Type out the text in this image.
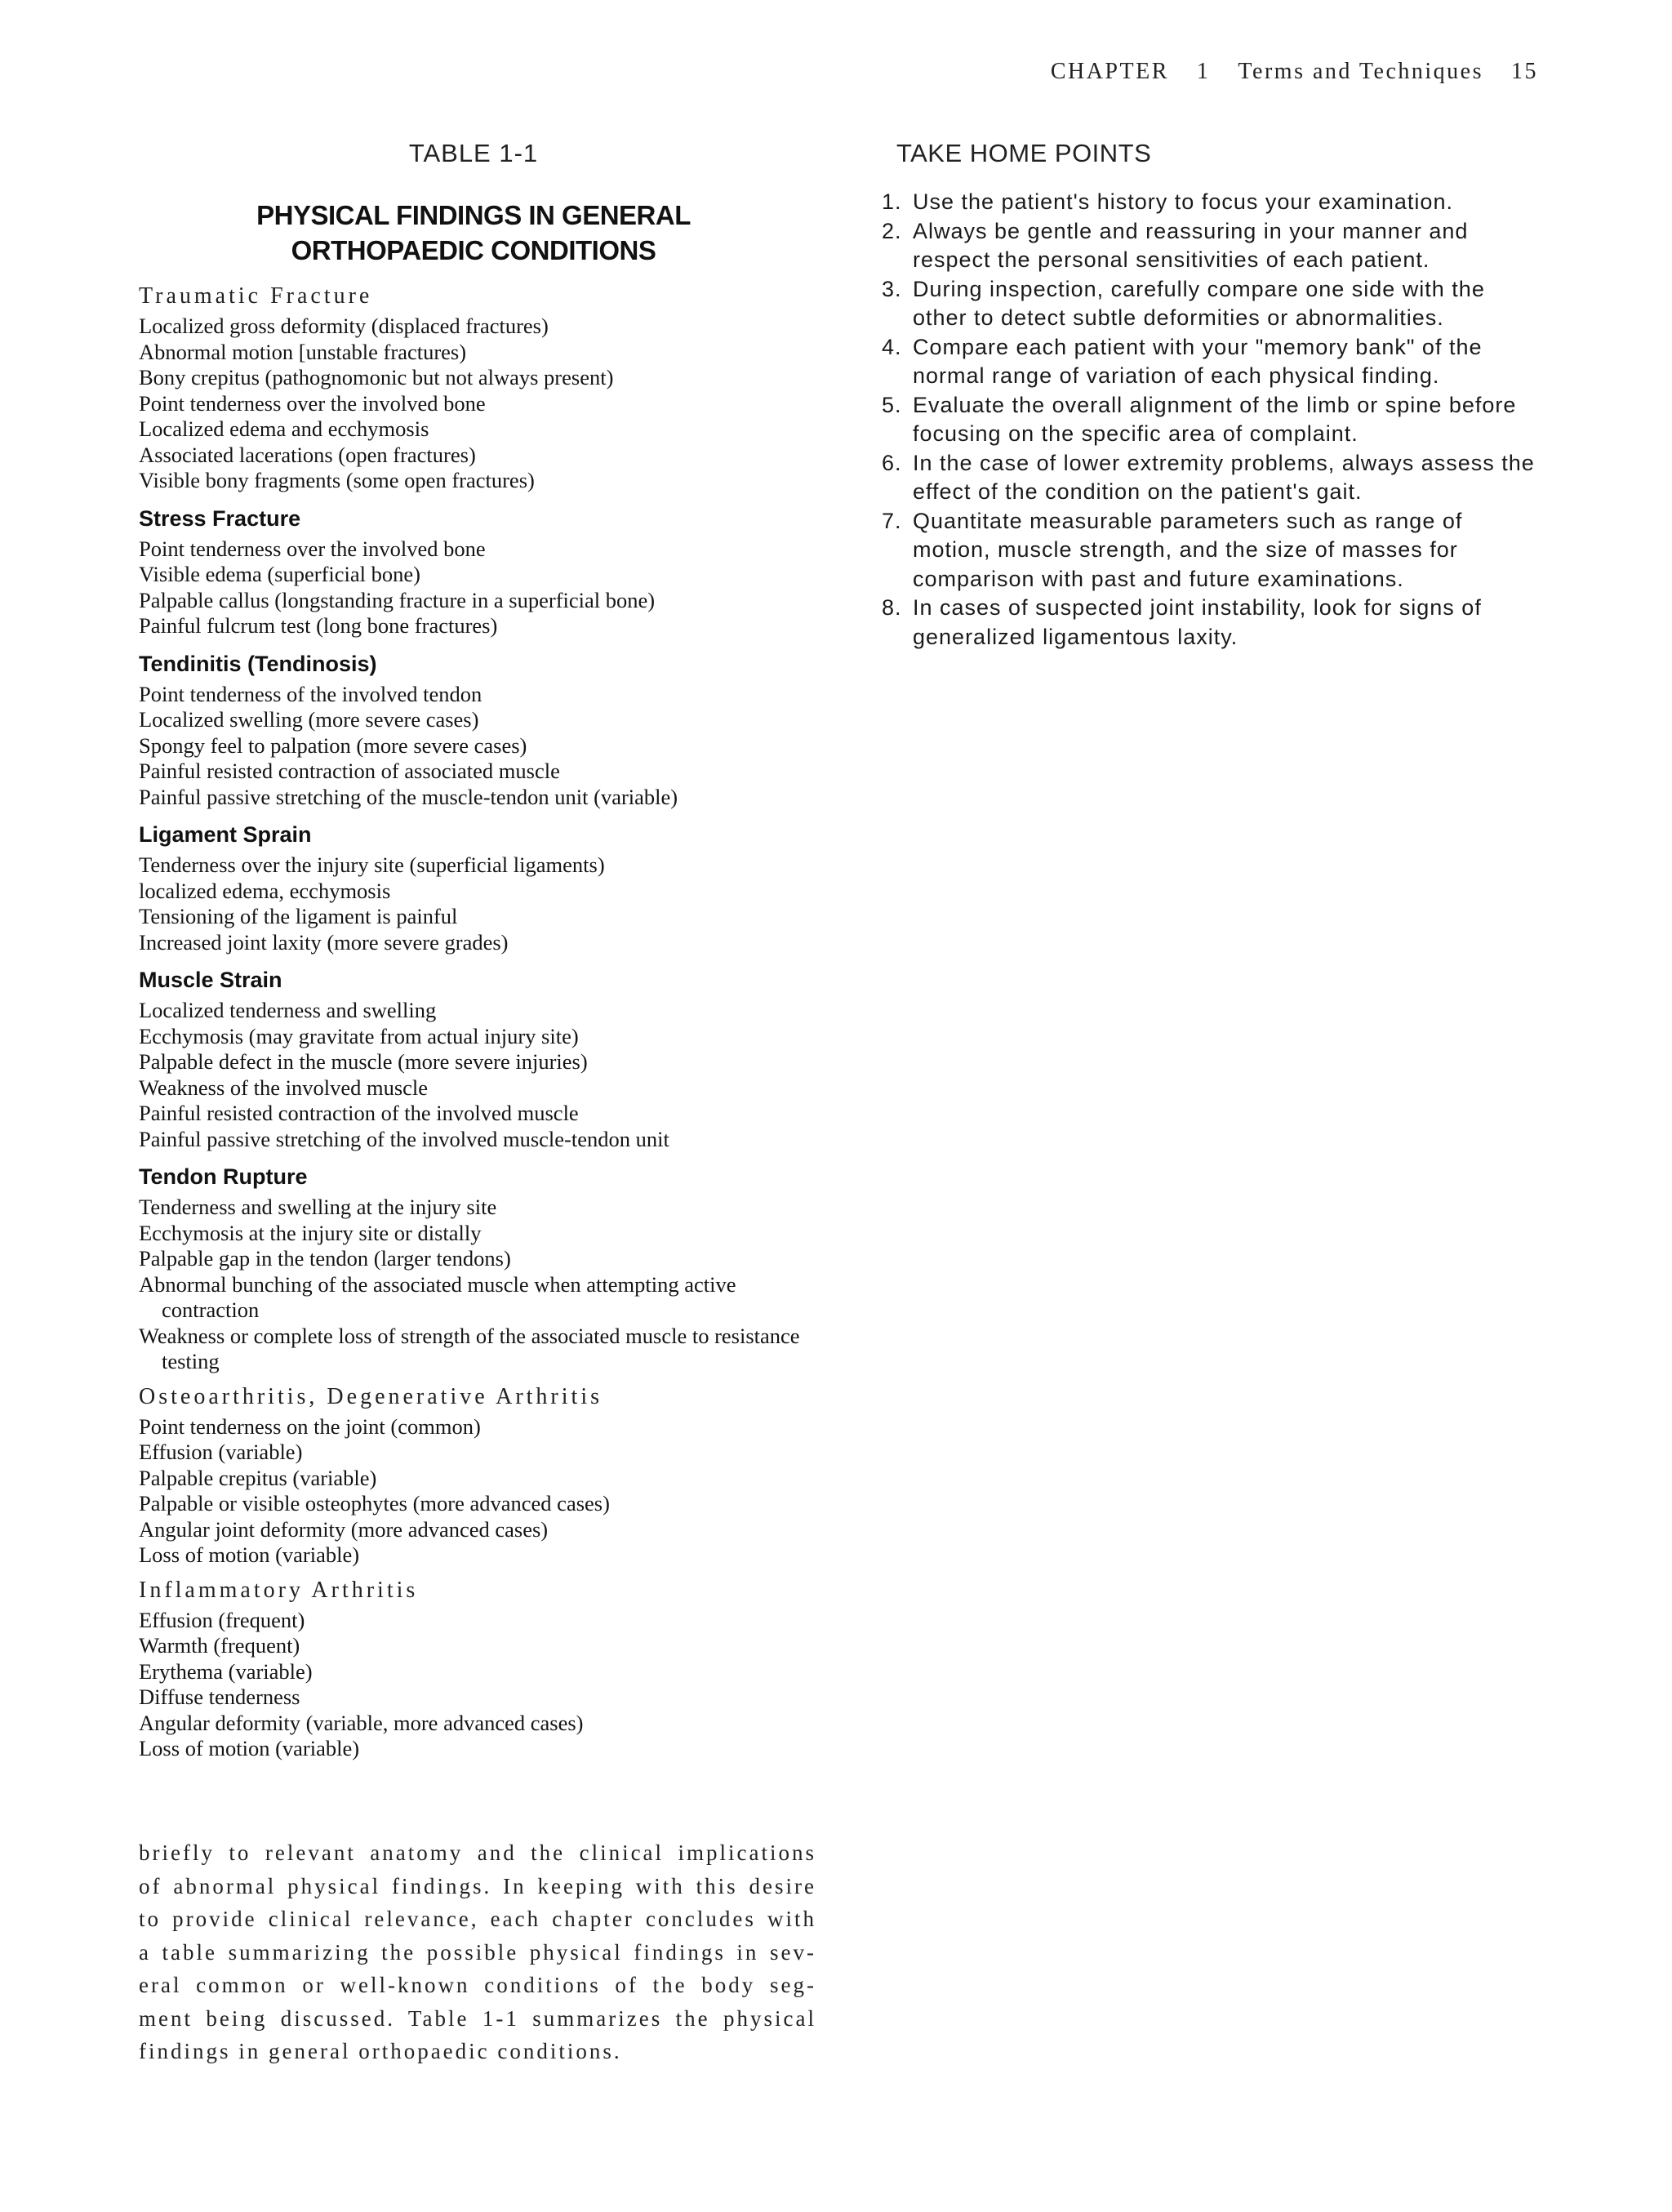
CHAPTER 1 Terms and Techniques 15
TABLE 1-1
PHYSICAL FINDINGS IN GENERAL
ORTHOPAEDIC CONDITIONS
Traumatic Fracture
Localized gross deformity (displaced fractures)
Abnormal motion [unstable fractures)
Bony crepitus (pathognomonic but not always present)
Point tenderness over the involved bone
Localized edema and ecchymosis
Associated lacerations (open fractures)
Visible bony fragments (some open fractures)
Stress Fracture
Point tenderness over the involved bone
Visible edema (superficial bone)
Palpable callus (longstanding fracture in a superficial bone)
Painful fulcrum test (long bone fractures)
Tendinitis (Tendinosis)
Point tenderness of the involved tendon
Localized swelling (more severe cases)
Spongy feel to palpation (more severe cases)
Painful resisted contraction of associated muscle
Painful passive stretching of the muscle-tendon unit (variable)
Ligament Sprain
Tenderness over the injury site (superficial ligaments)
localized edema, ecchymosis
Tensioning of the ligament is painful
Increased joint laxity (more severe grades)
Muscle Strain
Localized tenderness and swelling
Ecchymosis (may gravitate from actual injury site)
Palpable defect in the muscle (more severe injuries)
Weakness of the involved muscle
Painful resisted contraction of the involved muscle
Painful passive stretching of the involved muscle-tendon unit
Tendon Rupture
Tenderness and swelling at the injury site
Ecchymosis at the injury site or distally
Palpable gap in the tendon (larger tendons)
Abnormal bunching of the associated muscle when attempting active contraction
Weakness or complete loss of strength of the associated muscle to resistance testing
Osteoarthritis, Degenerative Arthritis
Point tenderness on the joint (common)
Effusion (variable)
Palpable crepitus (variable)
Palpable or visible osteophytes (more advanced cases)
Angular joint deformity (more advanced cases)
Loss of motion (variable)
Inflammatory Arthritis
Effusion (frequent)
Warmth (frequent)
Erythema (variable)
Diffuse tenderness
Angular deformity (variable, more advanced cases)
Loss of motion (variable)
briefly to relevant anatomy and the clinical implications
of abnormal physical findings. In keeping with this desire
to provide clinical relevance, each chapter concludes with
a table summarizing the possible physical findings in sev-
eral common or well-known conditions of the body seg-
ment being discussed. Table 1-1 summarizes the physical
findings in general orthopaedic conditions.
TAKE HOME POINTS
1. Use the patient's history to focus your examination.
2. Always be gentle and reassuring in your manner and respect the personal sensitivities of each patient.
3. During inspection, carefully compare one side with the other to detect subtle deformities or abnormalities.
4. Compare each patient with your "memory bank" of the normal range of variation of each physical finding.
5. Evaluate the overall alignment of the limb or spine before focusing on the specific area of complaint.
6. In the case of lower extremity problems, always assess the effect of the condition on the patient's gait.
7. Quantitate measurable parameters such as range of motion, muscle strength, and the size of masses for comparison with past and future examinations.
8. In cases of suspected joint instability, look for signs of generalized ligamentous laxity.
